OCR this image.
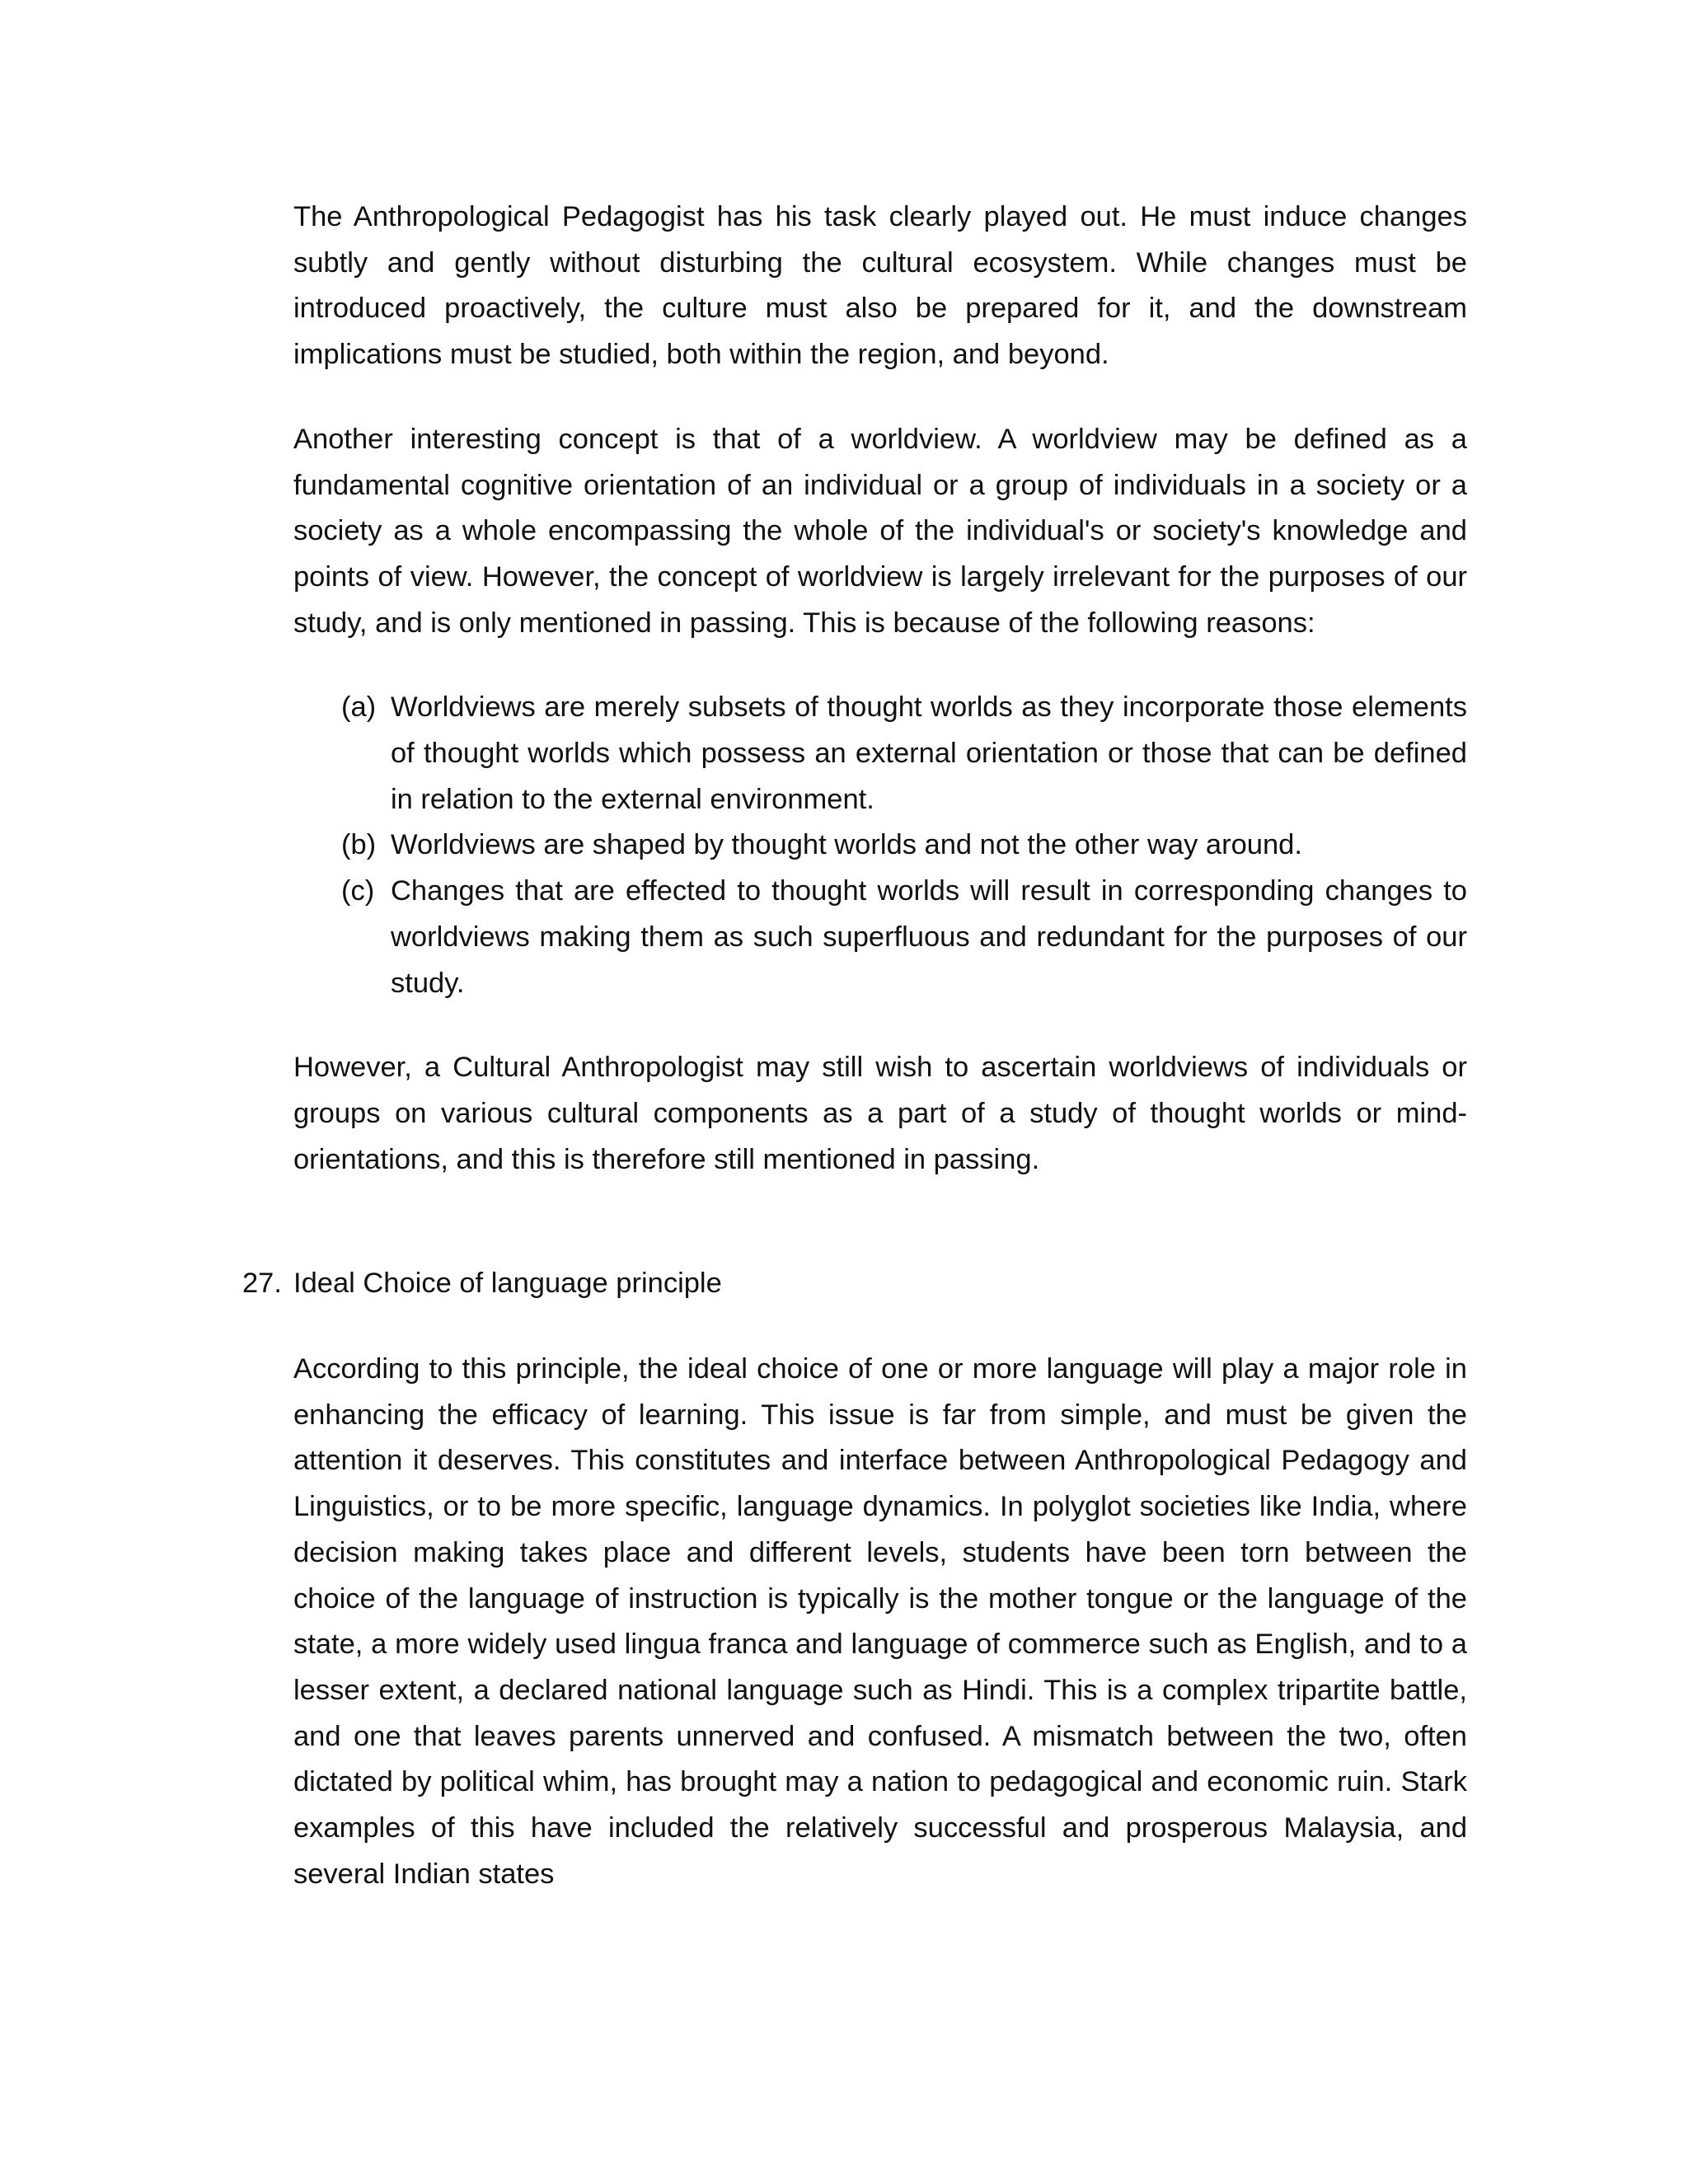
The Anthropological Pedagogist has his task clearly played out. He must induce changes subtly and gently without disturbing the cultural ecosystem. While changes must be introduced proactively, the culture must also be prepared for it, and the downstream implications must be studied, both within the region, and beyond.

Another interesting concept is that of a worldview. A worldview may be defined as a fundamental cognitive orientation of an individual or a group of individuals in a society or a society as a whole encompassing the whole of the individual's or society's knowledge and points of view. However, the concept of worldview is largely irrelevant for the purposes of our study, and is only mentioned in passing. This is because of the following reasons:

(a) Worldviews are merely subsets of thought worlds as they incorporate those elements of thought worlds which possess an external orientation or those that can be defined in relation to the external environment.
(b) Worldviews are shaped by thought worlds and not the other way around.
(c) Changes that are effected to thought worlds will result in corresponding changes to worldviews making them as such superfluous and redundant for the purposes of our study.

However, a Cultural Anthropologist may still wish to ascertain worldviews of individuals or groups on various cultural components as a part of a study of thought worlds or mind-orientations, and this is therefore still mentioned in passing.

27. Ideal Choice of language principle

According to this principle, the ideal choice of one or more language will play a major role in enhancing the efficacy of learning. This issue is far from simple, and must be given the attention it deserves. This constitutes and interface between Anthropological Pedagogy and Linguistics, or to be more specific, language dynamics. In polyglot societies like India, where decision making takes place and different levels, students have been torn between the choice of the language of instruction is typically is the mother tongue or the language of the state, a more widely used lingua franca and language of commerce such as English, and to a lesser extent, a declared national language such as Hindi. This is a complex tripartite battle, and one that leaves parents unnerved and confused. A mismatch between the two, often dictated by political whim, has brought may a nation to pedagogical and economic ruin. Stark examples of this have included the relatively successful and prosperous Malaysia, and several Indian states
